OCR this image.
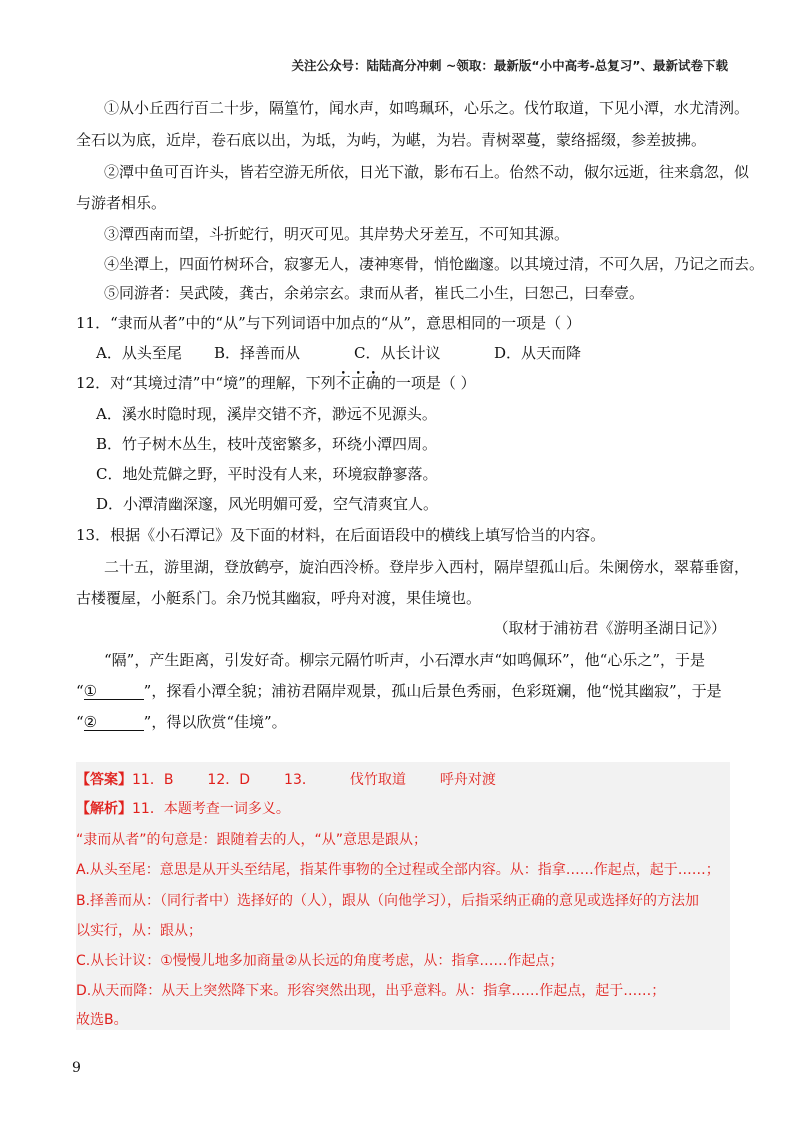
关注公众号：陆陆高分冲刺 ~领取：最新版“小中高考-总复习”、最新试卷下载
①从小丘西行百二十步，隔篁竹，闻水声，如鸣珮环，心乐之。伐竹取道，下见小潭，水尤清洌。
全石以为底，近岸，卷石底以出，为坻，为屿，为嵁，为岩。青树翠蔓，蒙络摇缀，参差披拂。
②潭中鱼可百许头，皆若空游无所依，日光下澈，影布石上。佁然不动，俶尔远逝，往来翕忽，似
与游者相乐。
③潭西南而望，斗折蛇行，明灭可见。其岸势犬牙差互，不可知其源。
④坐潭上，四面竹树环合，寂寥无人，凄神寒骨，悄怆幽邃。以其境过清，不可久居，乃记之而去。
⑤同游者：吴武陵，龚古，余弟宗玄。隶而从者，崔氏二小生，曰恕己，曰奉壹。
11．“隶而从者”中的“从”与下列词语中加点的“从”，意思相同的一项是（ ）
A．从头至尾 B．择善而从	C．从长计议	D．从天而降
12．对“其境过清”中“境”的理解，下列不正确的一项是（ ）
A．溪水时隐时现，溪岸交错不齐，渺远不见源头。
B．竹子树木丛生，枝叶茂密繁多，环绕小潭四周。
C．地处荒僻之野，平时没有人来，环境寂静寥落。
D．小潭清幽深邃，风光明媚可爱，空气清爽宜人。
13．根据《小石潭记》及下面的材料，在后面语段中的横线上填写恰当的内容。
二十五，游里湖，登放鹤亭，旋泊西泠桥。登岸步入西村，隔岸望孤山后。朱阑傍水，翠幕垂窗，
古楼覆屋，小艇系门。余乃悦其幽寂，呼舟对渡，果佳境也。
（取材于浦祊君《游明圣湖日记》）
“隔”，产生距离，引发好奇。柳宗元隔竹听声，小石潭水声“如鸣佩环”，他“心乐之”，于是
“①	”，探看小潭全貌；浦祊君隔岸观景，孤山后景色秀丽，色彩斑斓，他“悦其幽寂”，于是
“②	”，得以欣赏“佳境”。
【答案】11．B 12．D 13． 伐竹取道 呼舟对渡
【解析】11．本题考查一词多义。
“隶而从者”的句意是：跟随着去的人，“从”意思是跟从；
A.从头至尾：意思是从开头至结尾，指某件事物的全过程或全部内容。从：指拿……作起点，起于……；
B.择善而从：（同行者中）选择好的（人），跟从（向他学习），后指采纳正确的意见或选择好的方法加
以实行，从：跟从；
C.从长计议：①慢慢儿地多加商量②从长远的角度考虑，从：指拿……作起点；
D.从天而降：从天上突然降下来。形容突然出现，出乎意料。从：指拿……作起点，起于……；
故选B。
9
